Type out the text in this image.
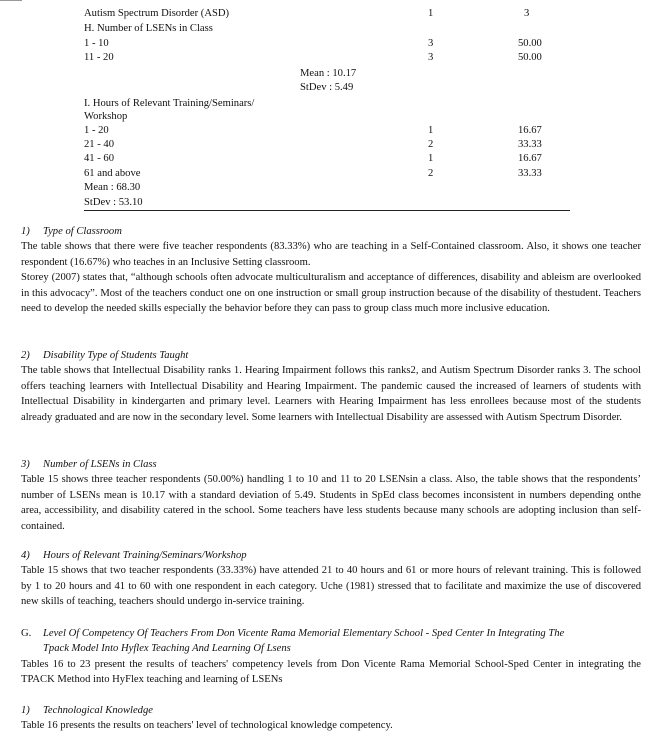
Autism Spectrum Disorder (ASD)	1	3
H. Number of LSENs in Class
1 - 10	3	50.00
11 - 20	3	50.00
Mean : 10.17
StDev : 5.49
I. Hours of Relevant Training/Seminars/
Workshop
1 - 20	1	16.67
21 - 40	2	33.33
41 - 60	1	16.67
61 and above	2	33.33
Mean : 68.30
StDev : 53.10
1) Type of Classroom

The table shows that there were five teacher respondents (83.33%) who are teaching in a Self-Contained classroom. Also, it shows one teacher respondent (16.67%) who teaches in an Inclusive Setting classroom.

Storey (2007) states that, “although schools often advocate multiculturalism and acceptance of differences, disability and ableism are overlooked in this advocacy”. Most of the teachers conduct one on one instruction or small group instruction because of the disability of thestudent. Teachers need to develop the needed skills especially the behavior before they can pass to group class much more inclusive education.

2) Disability Type of Students Taught

The table shows that Intellectual Disability ranks 1. Hearing Impairment follows this ranks2, and Autism Spectrum Disorder ranks 3. The school offers teaching learners with Intellectual Disability and Hearing Impairment. The pandemic caused the increased of learners of students with Intellectual Disability in kindergarten and primary level. Learners with Hearing Impairment has less enrollees because most of the students already graduated and are now in the secondary level. Some learners with Intellectual Disability are assessed with Autism Spectrum Disorder.

3) Number of LSENs in Class

Table 15 shows three teacher respondents (50.00%) handling 1 to 10 and 11 to 20 LSENsin a class. Also, the table shows that the respondents’ number of LSENs mean is 10.17 with a standard deviation of 5.49. Students in SpEd class becomes inconsistent in numbers depending onthe area, accessibility, and disability catered in the school. Some teachers have less students because many schools are adopting inclusion than self-contained.

4) Hours of Relevant Training/Seminars/Workshop

Table 15 shows that two teacher respondents (33.33%) have attended 21 to 40 hours and 61 or more hours of relevant training. This is followed by 1 to 20 hours and 41 to 60 with one respondent in each category. Uche (1981) stressed that to facilitate and maximize the use of discovered new skills of teaching, teachers should undergo in-service training.

G. Level Of Competency Of Teachers From Don Vicente Rama Memorial Elementary School - Sped Center In Integrating The
Tpack Model Into Hyflex Teaching And Learning Of Lsens

Tables 16 to 23 present the results of teachers' competency levels from Don Vicente Rama Memorial School-Sped Center in integrating the TPACK Method into HyFlex teaching and learning of LSENs

1) Technological Knowledge

Table 16 presents the results on teachers' level of technological knowledge competency.
